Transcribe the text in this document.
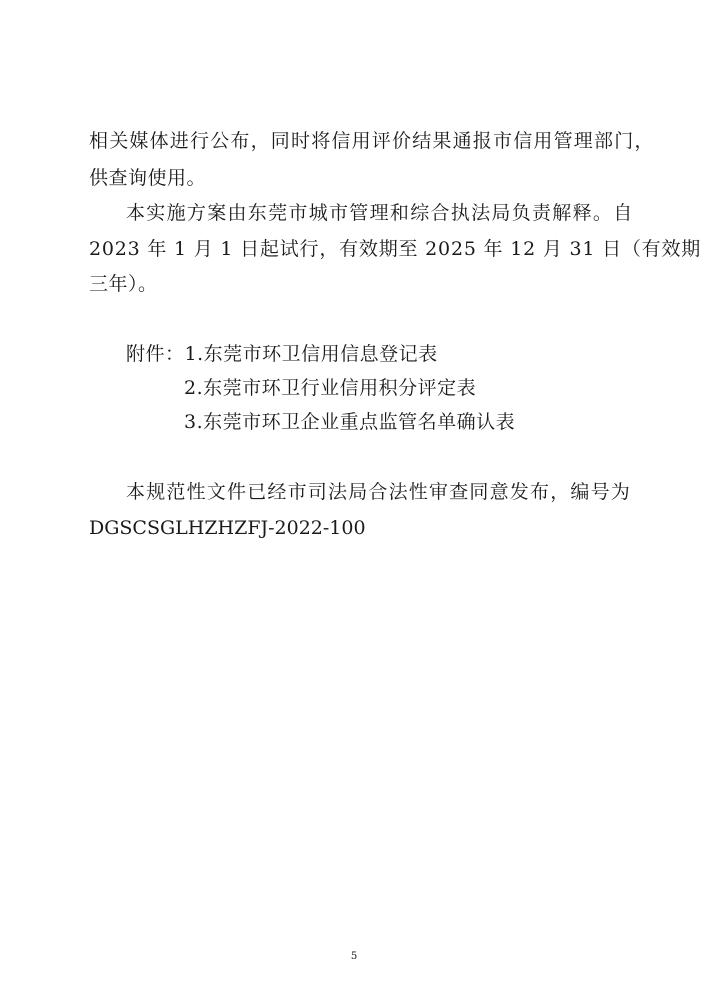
相关媒体进行公布，同时将信用评价结果通报市信用管理部门，
供查询使用。
本实施方案由东莞市城市管理和综合执法局负责解释。自
2023 年 1 月 1 日起试行，有效期至 2025 年 12 月 31 日（有效期
三年）。
附件：1.东莞市环卫信用信息登记表
2.东莞市环卫行业信用积分评定表
3.东莞市环卫企业重点监管名单确认表
本规范性文件已经市司法局合法性审查同意发布，编号为
DGSCSGLHZHZFJ-2022-100
5
